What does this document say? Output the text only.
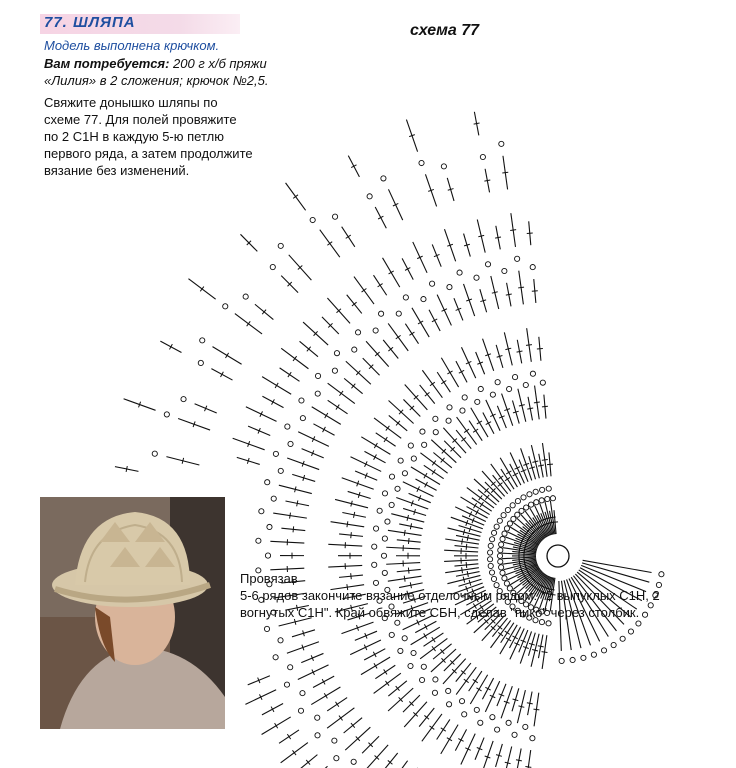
77. ШЛЯПА
Модель выполнена крючком.
Вам потребуется: 200 г х/б пряжи «Лилия» в 2 сложения; крючок №2,5.
Свяжите донышко шляпы по схеме 77. Для полей провяжите по 2 С1Н в каждую 5-ю петлю первого ряда, а затем продолжите вязание без изменений.
схема 77
Провязав
5-6 рядов закончите вязание отделочным рядом: *2 выпуклых С1Н, 2 вогнутых С1Н". Край обвяжите СБН, сделав "пико" через столбик.
